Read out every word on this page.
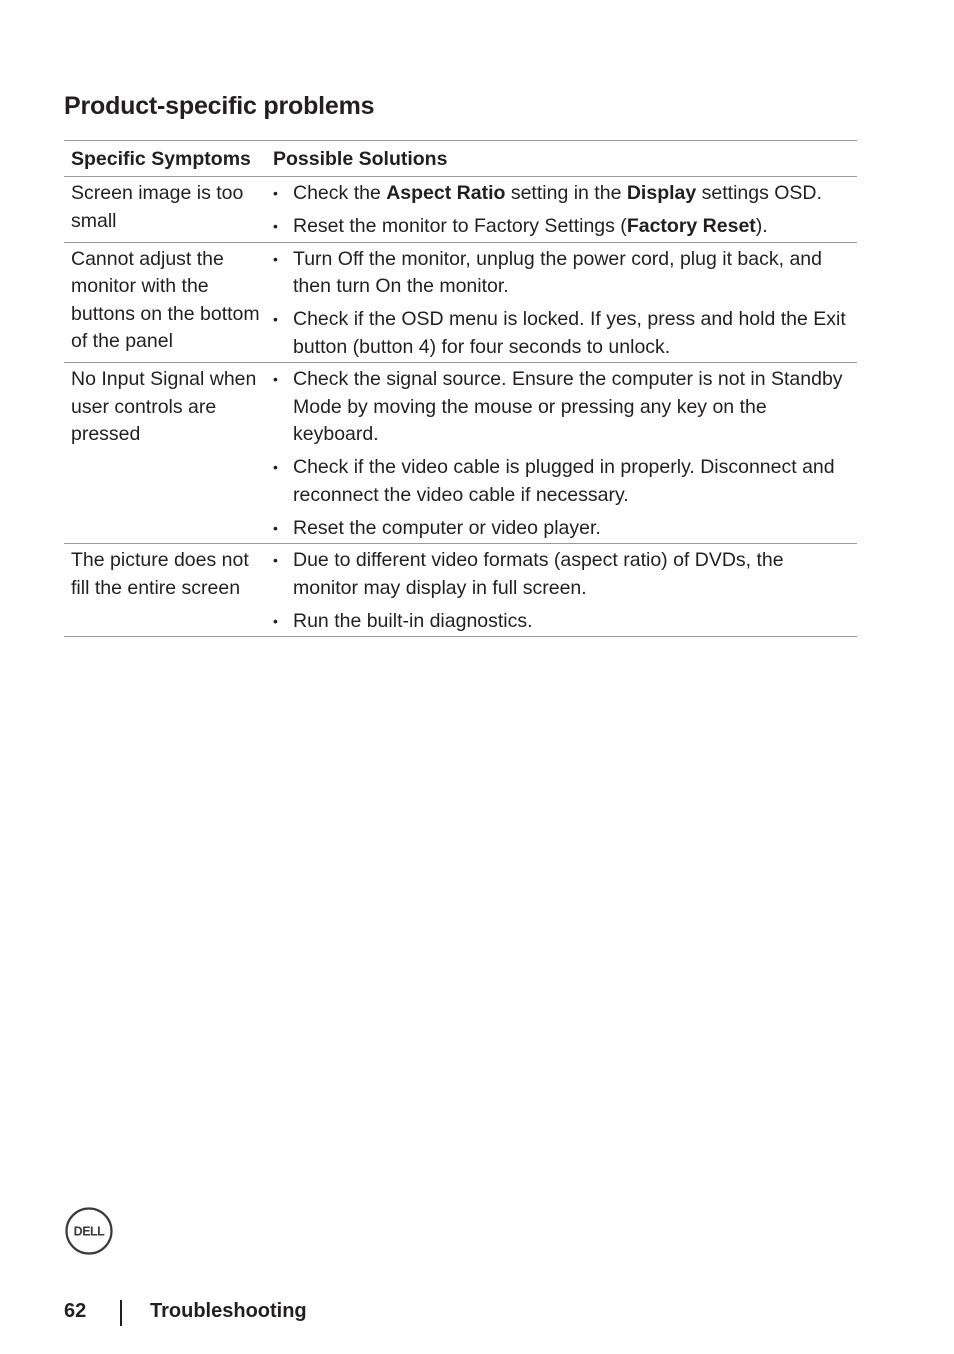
Product-specific problems
Specific Symptoms	Possible Solutions
Screen image is too small
• Check the Aspect Ratio setting in the Display settings OSD.
• Reset the monitor to Factory Settings (Factory Reset).
Cannot adjust the monitor with the buttons on the bottom of the panel
• Turn Off the monitor, unplug the power cord, plug it back, and then turn On the monitor.
• Check if the OSD menu is locked. If yes, press and hold the Exit button (button 4) for four seconds to unlock.
No Input Signal when user controls are pressed
• Check the signal source. Ensure the computer is not in Standby Mode by moving the mouse or pressing any key on the keyboard.
• Check if the video cable is plugged in properly. Disconnect and reconnect the video cable if necessary.
• Reset the computer or video player.
The picture does not fill the entire screen
• Due to different video formats (aspect ratio) of DVDs, the monitor may display in full screen.
• Run the built-in diagnostics.
DELL
62	Troubleshooting
